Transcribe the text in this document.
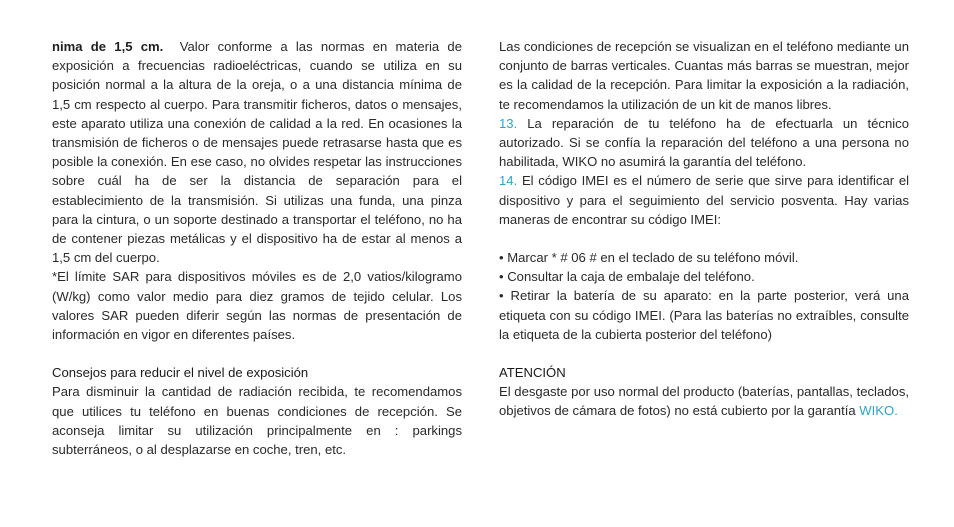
nima de 1,5 cm. Valor conforme a las normas en materia de exposición a frecuencias radioeléctricas, cuando se utiliza en su posición normal a la altura de la oreja, o a una distancia mínima de 1,5 cm respecto al cuerpo. Para transmitir ficheros, datos o mensajes, este aparato utiliza una conexión de calidad a la red. En ocasiones la transmisión de ficheros o de mensajes puede retrasarse hasta que es posible la conexión. En ese caso, no olvides respetar las instrucciones sobre cuál ha de ser la distancia de separación para el establecimiento de la transmisión. Si utilizas una funda, una pinza para la cintura, o un soporte destinado a transportar el teléfono, no ha de contener piezas metálicas y el dispositivo ha de estar al menos a 1,5 cm del cuerpo.

*El límite SAR para dispositivos móviles es de 2,0 vatios/kilogramo (W/kg) como valor medio para diez gramos de tejido celular. Los valores SAR pueden diferir según las normas de presentación de información en vigor en diferentes países.

Consejos para reducir el nivel de exposición

Para disminuir la cantidad de radiación recibida, te recomendamos que utilices tu teléfono en buenas condiciones de recepción. Se aconseja limitar su utilización principalmente en : parkings subterráneos, o al desplazarse en coche, tren, etc.

Las condiciones de recepción se visualizan en el teléfono mediante un conjunto de barras verticales. Cuantas más barras se muestran, mejor es la calidad de la recepción. Para limitar la exposición a la radiación, te recomendamos la utilización de un kit de manos libres.

13. La reparación de tu teléfono ha de efectuarla un técnico autorizado. Si se confía la reparación del teléfono a una persona no habilitada, WIKO no asumirá la garantía del teléfono.

14. El código IMEI es el número de serie que sirve para identificar el dispositivo y para el seguimiento del servicio posventa. Hay varias maneras de encontrar su código IMEI:

• Marcar * # 06 # en el teclado de su teléfono móvil.

• Consultar la caja de embalaje del teléfono.

• Retirar la batería de su aparato: en la parte posterior, verá una etiqueta con su código IMEI. (Para las baterías no extraíbles, consulte la etiqueta de la cubierta posterior del teléfono)

ATENCIÓN

El desgaste por uso normal del producto (baterías, pantallas, teclados, objetivos de cámara de fotos) no está cubierto por la garantía WIKO.
